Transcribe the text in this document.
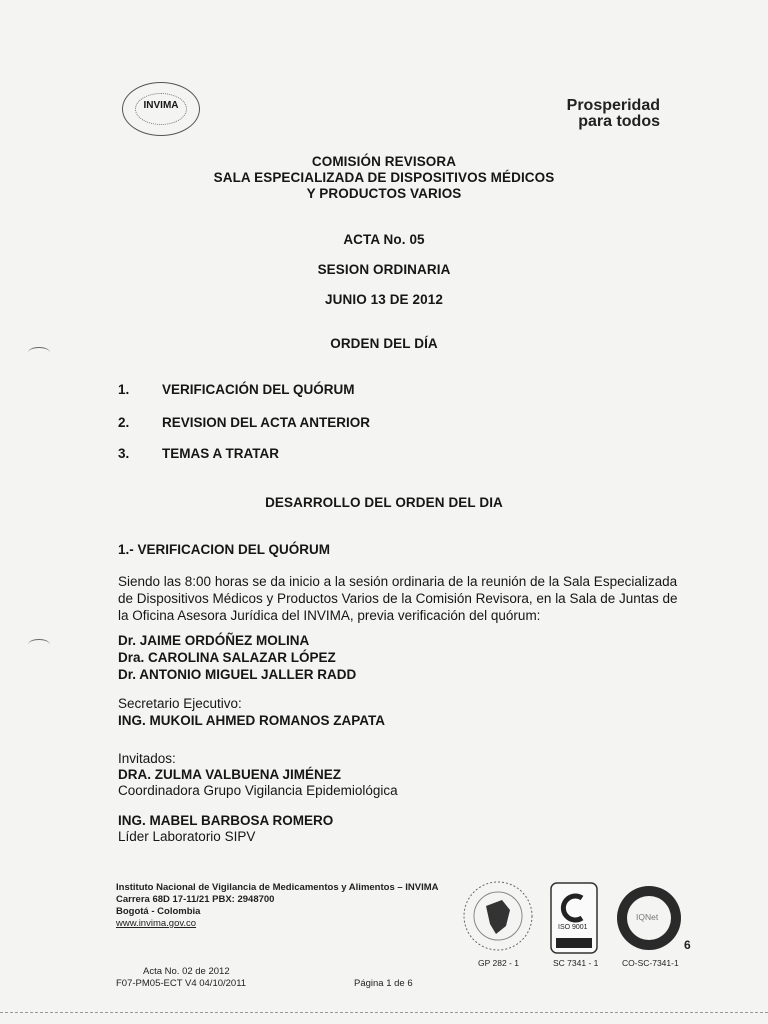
INVIMA	Prosperidad
para todos
COMISIÓN REVISORA
SALA ESPECIALIZADA DE DISPOSITIVOS MÉDICOS
Y PRODUCTOS VARIOS
ACTA No. 05
SESION ORDINARIA
JUNIO 13 DE 2012
ORDEN DEL DÍA
1. VERIFICACIÓN DEL QUÓRUM
2. REVISION DEL ACTA ANTERIOR
3. TEMAS A TRATAR
DESARROLLO DEL ORDEN DEL DIA
1.- VERIFICACION DEL QUÓRUM
Siendo las 8:00 horas se da inicio a la sesión ordinaria de la reunión de la Sala Especializada
de Dispositivos Médicos y Productos Varios de la Comisión Revisora, en la Sala de Juntas de
la Oficina Asesora Jurídica del INVIMA, previa verificación del quórum:
Dr. JAIME ORDÓÑEZ MOLINA
Dra. CAROLINA SALAZAR LÓPEZ
Dr. ANTONIO MIGUEL JALLER RADD
Secretario Ejecutivo:
ING. MUKOIL AHMED ROMANOS ZAPATA
Invitados:
DRA. ZULMA VALBUENA JIMÉNEZ
Coordinadora Grupo Vigilancia Epidemiológica
ING. MABEL BARBOSA ROMERO
Líder Laboratorio SIPV
Instituto Nacional de Vigilancia de Medicamentos y Alimentos – INVIMA
Carrera 68D 17-11/21 PBX: 2948700
Bogotá - Colombia
www.invima.gov.co
GP 282 - 1
ISO 9001
SC 7341 - 1
IQNet
6
CO-SC-7341-1
Acta No. 02 de 2012
F07-PM05-ECT V4 04/10/2011	Página 1 de 6
